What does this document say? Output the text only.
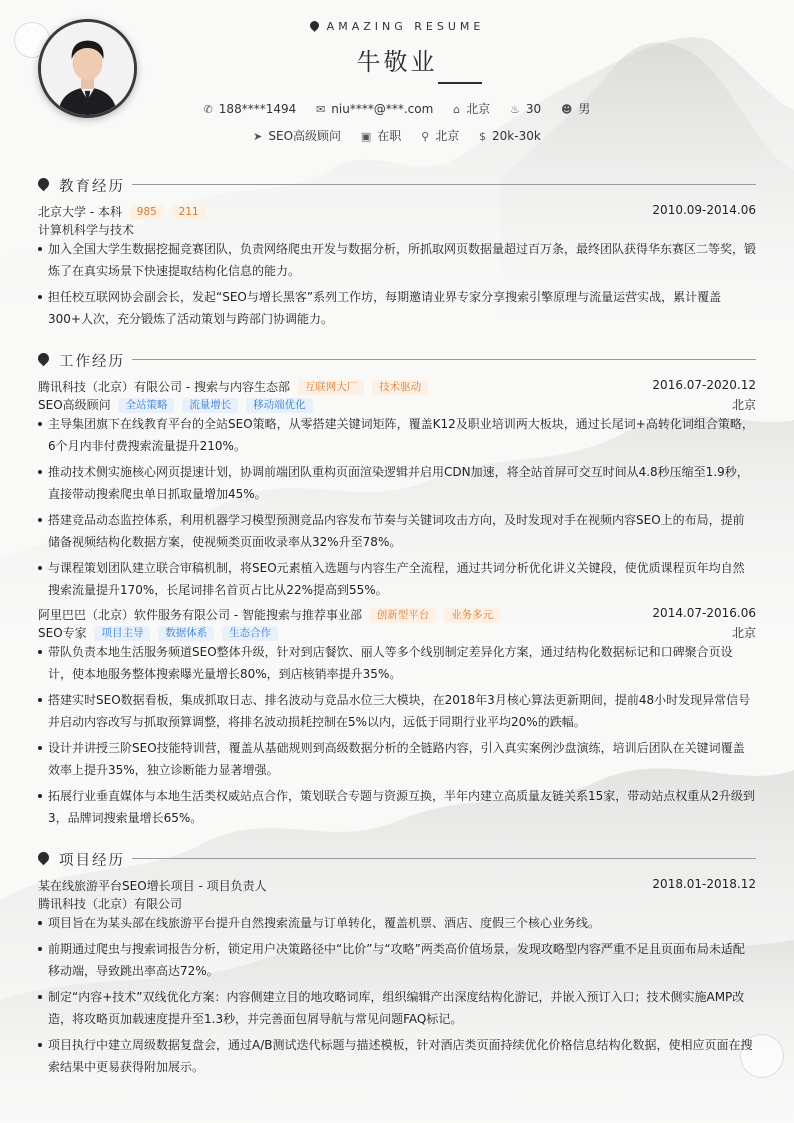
AMAZING RESUME
牛敬业
✆ 188****1494 ✉ niu****@***.com ⌂ 北京 ♨ 30 ☻ 男
➤ SEO高级顾问 ▣ 在职 ⚲ 北京 $ 20k-30k
教育经历
北京大学 - 本科 985 211	2010.09-2014.06
计算机科学与技术
加入全国大学生数据挖掘竞赛团队，负责网络爬虫开发与数据分析，所抓取网页数据量超过百万条，最终团队获得华东赛区二等奖，锻炼了在真实场景下快速提取结构化信息的能力。
担任校互联网协会副会长，发起“SEO与增长黑客”系列工作坊，每期邀请业界专家分享搜索引擎原理与流量运营实战，累计覆盖300+人次，充分锻炼了活动策划与跨部门协调能力。
工作经历
腾讯科技（北京）有限公司 - 搜索与内容生态部 互联网大厂 技术驱动	2016.07-2020.12
SEO高级顾问 全站策略 流量增长 移动端优化	北京
主导集团旗下在线教育平台的全站SEO策略，从零搭建关键词矩阵，覆盖K12及职业培训两大板块，通过长尾词+高转化词组合策略，6个月内非付费搜索流量提升210%。
推动技术侧实施核心网页提速计划，协调前端团队重构页面渲染逻辑并启用CDN加速，将全站首屏可交互时间从4.8秒压缩至1.9秒，直接带动搜索爬虫单日抓取量增加45%。
搭建竞品动态监控体系，利用机器学习模型预测竞品内容发布节奏与关键词攻击方向，及时发现对手在视频内容SEO上的布局，提前储备视频结构化数据方案，使视频类页面收录率从32%升至78%。
与课程策划团队建立联合审稿机制，将SEO元素植入选题与内容生产全流程，通过共词分析优化讲义关键段，使优质课程页年均自然搜索流量提升170%，长尾词排名首页占比从22%提高到55%。
阿里巴巴（北京）软件服务有限公司 - 智能搜索与推荐事业部 创新型平台 业务多元	2014.07-2016.06
SEO专家 项目主导 数据体系 生态合作	北京
带队负责本地生活服务频道SEO整体升级，针对到店餐饮、丽人等多个线别制定差异化方案，通过结构化数据标记和口碑聚合页设计，使本地服务整体搜索曝光量增长80%，到店核销率提升35%。
搭建实时SEO数据看板，集成抓取日志、排名波动与竞品水位三大模块，在2018年3月核心算法更新期间，提前48小时发现异常信号并启动内容改写与抓取预算调整，将排名波动损耗控制在5%以内，远低于同期行业平均20%的跌幅。
设计并讲授三阶SEO技能特训营，覆盖从基础规则到高级数据分析的全链路内容，引入真实案例沙盘演练，培训后团队在关键词覆盖效率上提升35%，独立诊断能力显著增强。
拓展行业垂直媒体与本地生活类权威站点合作，策划联合专题与资源互换，半年内建立高质量友链关系15家，带动站点权重从2升级到3，品牌词搜索量增长65%。
项目经历
某在线旅游平台SEO增长项目 - 项目负责人	2018.01-2018.12
腾讯科技（北京）有限公司
项目旨在为某头部在线旅游平台提升自然搜索流量与订单转化，覆盖机票、酒店、度假三个核心业务线。
前期通过爬虫与搜索词报告分析，锁定用户决策路径中“比价”与“攻略”两类高价值场景，发现攻略型内容严重不足且页面布局未适配移动端，导致跳出率高达72%。
制定“内容+技术”双线优化方案：内容侧建立目的地攻略词库，组织编辑产出深度结构化游记，并嵌入预订入口；技术侧实施AMP改造，将攻略页加载速度提升至1.3秒，并完善面包屑导航与常见问题FAQ标记。
项目执行中建立周级数据复盘会，通过A/B测试迭代标题与描述模板，针对酒店类页面持续优化价格信息结构化数据，使相应页面在搜索结果中更易获得附加展示。
